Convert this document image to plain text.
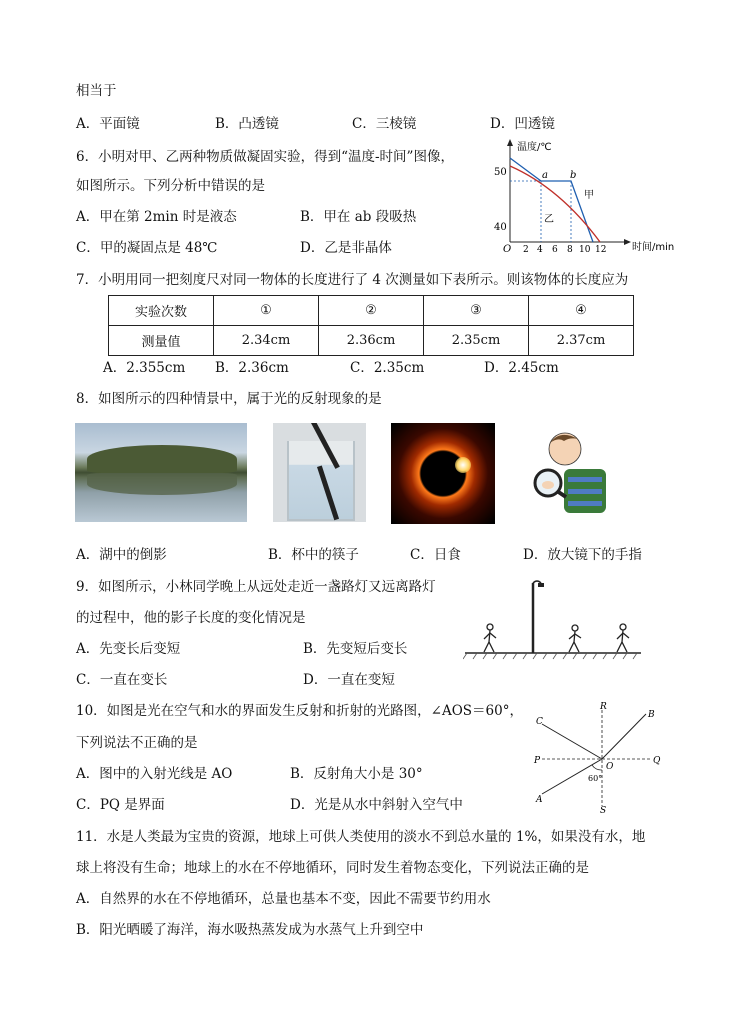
相当于
A．平面镜	B．凸透镜	C．三棱镜	D．凹透镜
6．小明对甲、乙两种物质做凝固实验，得到“温度-时间”图像，
如图所示。下列分析中错误的是
A．甲在第 2min 时是液态	B．甲在 ab 段吸热
C．甲的凝固点是 48℃	D．乙是非晶体
温度/℃
时间/min
O
50
40
2 4 6 8 10 12
a b
甲
乙
7．小明用同一把刻度尺对同一物体的长度进行了 4 次测量如下表所示。则该物体的长度应为
实验次数	①	②	③	④
测量值	2.34cm	2.36cm	2.35cm	2.37cm
A．2.355cm B．2.36cm	C．2.35cm	D．2.45cm
8．如图所示的四种情景中，属于光的反射现象的是
A．湖中的倒影	B．杯中的筷子	C．日食	D．放大镜下的手指
9．如图所示，小林同学晚上从远处走近一盏路灯又远离路灯
的过程中，他的影子长度的变化情况是
A．先变长后变短	B．先变短后变长
C．一直在变长	D．一直在变短
10．如图是光在空气和水的界面发生反射和折射的光路图，∠AOS＝60°，
下列说法不正确的是
A．图中的入射光线是 AO	B．反射角大小是 30°
C．PQ 是界面	D．光是从水中斜射入空气中
R
B
C
P	Q
O
A
S
60°
11．水是人类最为宝贵的资源，地球上可供人类使用的淡水不到总水量的 1%，如果没有水，地
球上将没有生命；地球上的水在不停地循环，同时发生着物态变化，下列说法正确的是
A．自然界的水在不停地循环，总量也基本不变，因此不需要节约用水
B．阳光晒暖了海洋，海水吸热蒸发成为水蒸气上升到空中
